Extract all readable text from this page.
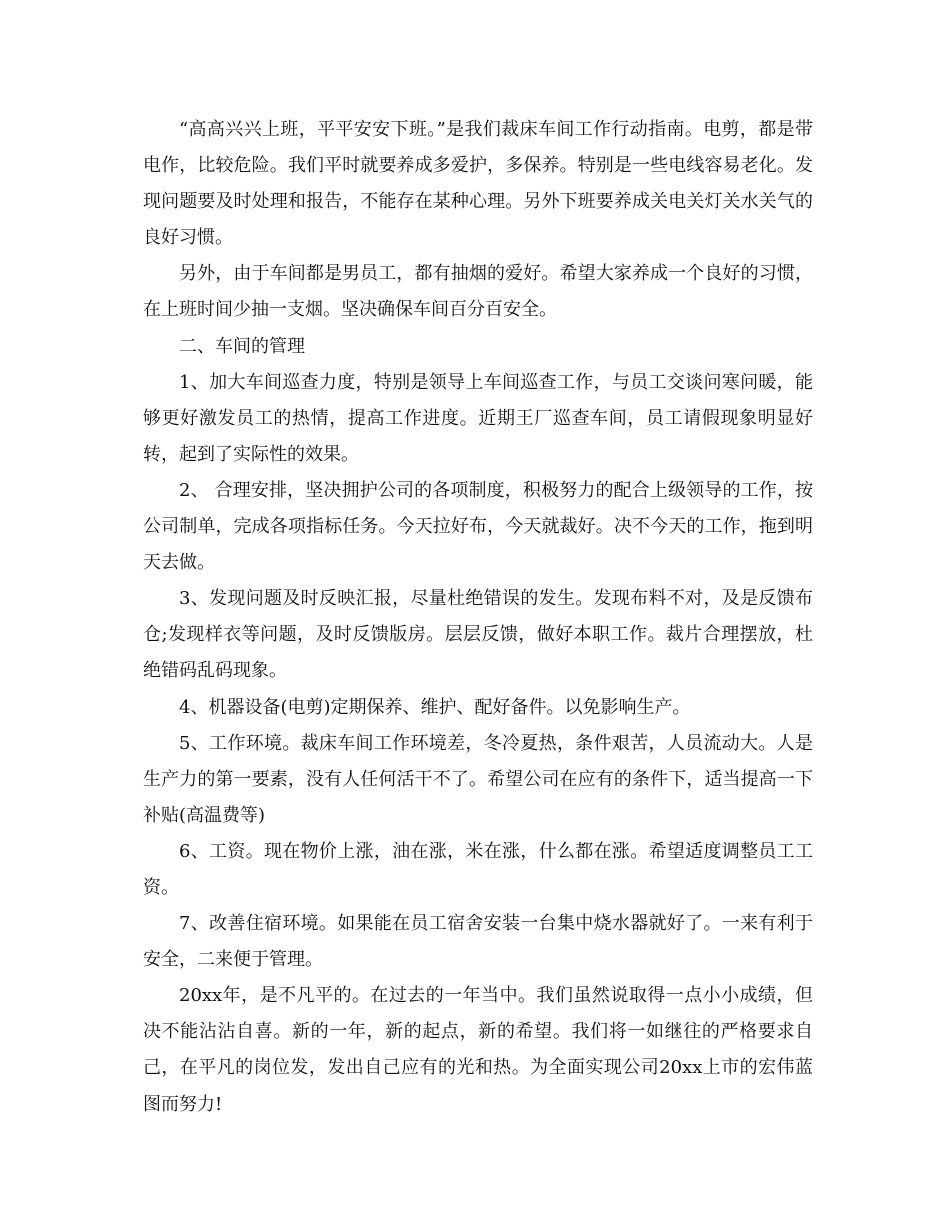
“高高兴兴上班，平平安安下班。”是我们裁床车间工作行动指南。电剪，都是带电作，比较危险。我们平时就要养成多爱护，多保养。特别是一些电线容易老化。发现问题要及时处理和报告，不能存在某种心理。另外下班要养成关电关灯关水关气的良好习惯。

另外，由于车间都是男员工，都有抽烟的爱好。希望大家养成一个良好的习惯，在上班时间少抽一支烟。坚决确保车间百分百安全。

二、车间的管理

1、加大车间巡查力度，特别是领导上车间巡查工作，与员工交谈问寒问暖，能够更好激发员工的热情，提高工作进度。近期王厂巡查车间，员工请假现象明显好转，起到了实际性的效果。

2、 合理安排，坚决拥护公司的各项制度，积极努力的配合上级领导的工作，按公司制单，完成各项指标任务。今天拉好布，今天就裁好。决不今天的工作，拖到明天去做。

3、发现问题及时反映汇报，尽量杜绝错误的发生。发现布料不对，及是反馈布仓;发现样衣等问题，及时反馈版房。层层反馈，做好本职工作。裁片合理摆放，杜绝错码乱码现象。

4、机器设备(电剪)定期保养、维护、配好备件。以免影响生产。

5、工作环境。裁床车间工作环境差，冬冷夏热，条件艰苦，人员流动大。人是生产力的第一要素，没有人任何活干不了。希望公司在应有的条件下，适当提高一下补贴(高温费等)

6、工资。现在物价上涨，油在涨，米在涨，什么都在涨。希望适度调整员工工资。

7、改善住宿环境。如果能在员工宿舍安装一台集中烧水器就好了。一来有利于安全，二来便于管理。

20xx年，是不凡平的。在过去的一年当中。我们虽然说取得一点小小成绩，但决不能沾沾自喜。新的一年，新的起点，新的希望。我们将一如继往的严格要求自己，在平凡的岗位发，发出自己应有的光和热。为全面实现公司20xx上市的宏伟蓝图而努力!
